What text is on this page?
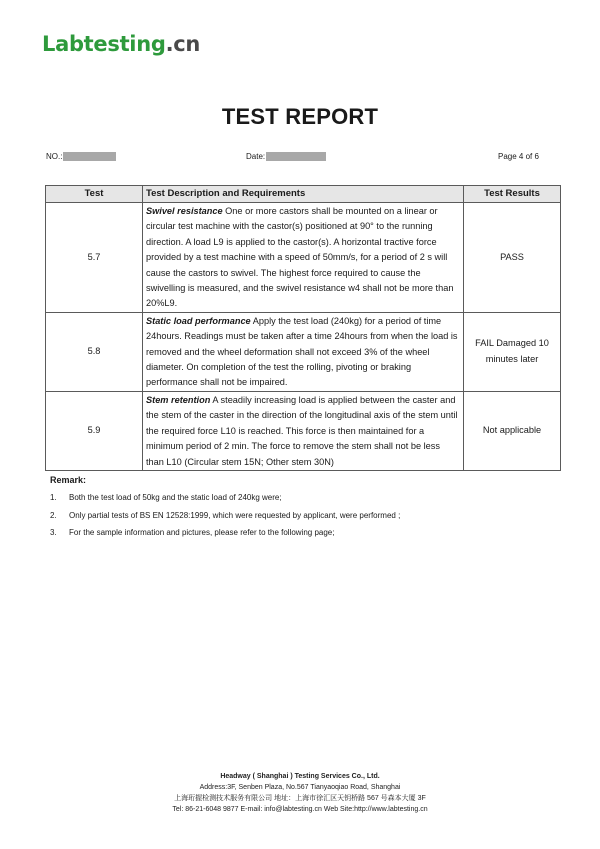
Labtesting.cn
TEST REPORT
NO.:	Date:	Page 4 of 6
Test	Test Description and Requirements	Test Results
5.7	Swivel resistance One or more castors shall be mounted on a linear or circular test machine with the castor(s) positioned at 90° to the running direction. A load L9 is applied to the castor(s). A horizontal tractive force provided by a test machine with a speed of 50mm/s, for a period of 2 s will cause the castors to swivel. The highest force required to cause the swivelling is measured, and the swivel resistance w4 shall not be more than 20%L9.	PASS
5.8	Static load performance Apply the test load (240kg) for a period of time 24hours. Readings must be taken after a time 24hours from when the load is removed and the wheel deformation shall not exceed 3% of the wheel diameter. On completion of the test the rolling, pivoting or braking performance shall not be impaired.	FAIL Damaged 10 minutes later
5.9	Stem retention A steadily increasing load is applied between the caster and the stem of the caster in the direction of the longitudinal axis of the stem until the required force L10 is reached. This force is then maintained for a minimum period of 2 min. The force to remove the stem shall not be less than L10 (Circular stem 15N; Other stem 30N)	Not applicable
Remark:
1.	Both the test load of 50kg and the static load of 240kg were;
2.	Only partial tests of BS EN 12528:1999, which were requested by applicant, were performed ;
3.	For the sample information and pictures, please refer to the following page;
Headway ( Shanghai ) Testing Services Co., Ltd.
Address:3F, Senben Plaza, No.567 Tianyaoqiao Road, Shanghai
上海珩握检测技术服务有限公司 地址：上海市徐汇区天钥桥路 567 号森本大厦 3F
Tel: 86-21-6048 9877 E-mail: info@labtesting.cn Web Site:http://www.labtesting.cn
